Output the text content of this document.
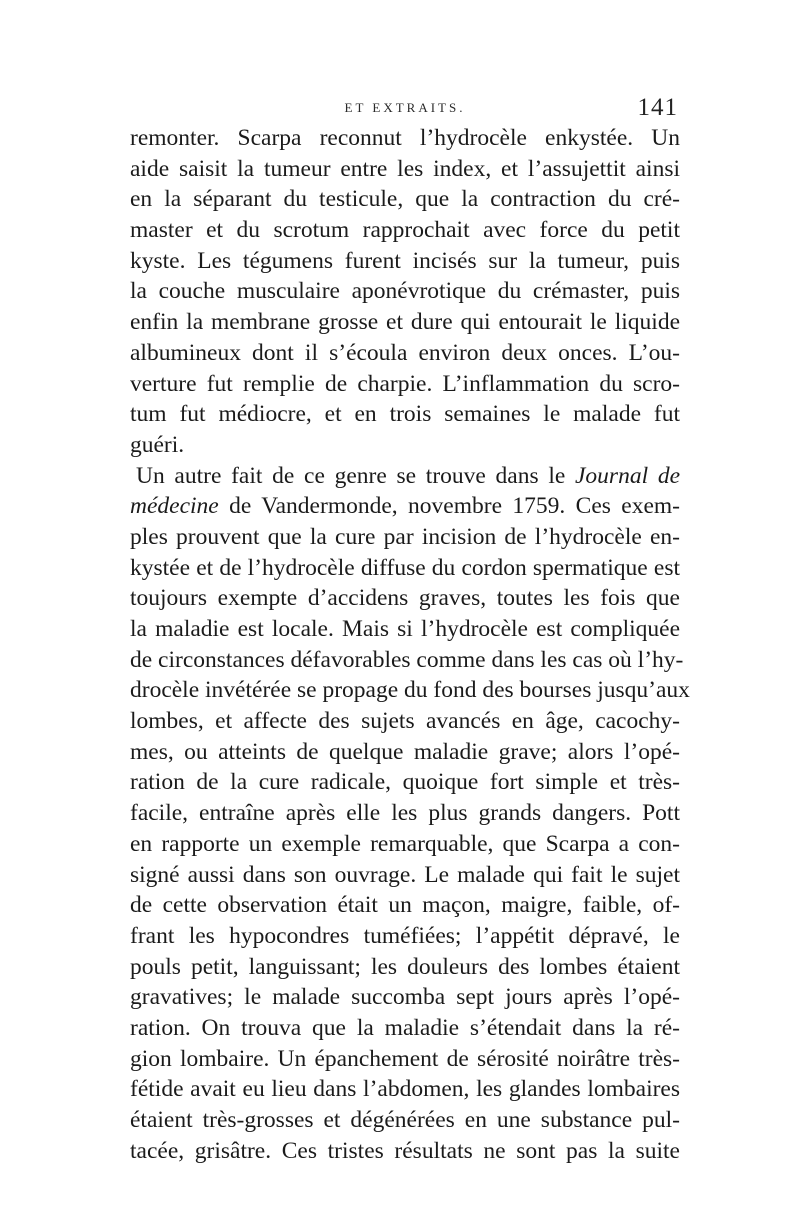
ET EXTRAITS.	141
remonter. Scarpa reconnut l’hydrocèle enkystée. Un
aide saisit la tumeur entre les index, et l’assujettit ainsi
en la séparant du testicule, que la contraction du cré-
master et du scrotum rapprochait avec force du petit
kyste. Les tégumens furent incisés sur la tumeur, puis
la couche musculaire aponévrotique du crémaster, puis
enfin la membrane grosse et dure qui entourait le liquide
albumineux dont il s’écoula environ deux onces. L’ou-
verture fut remplie de charpie. L’inflammation du scro-
tum fut médiocre, et en trois semaines le malade fut
guéri.
Un autre fait de ce genre se trouve dans le Journal de
médecine de Vandermonde, novembre 1759. Ces exem-
ples prouvent que la cure par incision de l’hydrocèle en-
kystée et de l’hydrocèle diffuse du cordon spermatique est
toujours exempte d’accidens graves, toutes les fois que
la maladie est locale. Mais si l’hydrocèle est compliquée
de circonstances défavorables comme dans les cas où l’hy-
drocèle invétérée se propage du fond des bourses jusqu’aux
lombes, et affecte des sujets avancés en âge, cacochy-
mes, ou atteints de quelque maladie grave; alors l’opé-
ration de la cure radicale, quoique fort simple et très-
facile, entraîne après elle les plus grands dangers. Pott
en rapporte un exemple remarquable, que Scarpa a con-
signé aussi dans son ouvrage. Le malade qui fait le sujet
de cette observation était un maçon, maigre, faible, of-
frant les hypocondres tuméfiées; l’appétit dépravé, le
pouls petit, languissant; les douleurs des lombes étaient
gravatives; le malade succomba sept jours après l’opé-
ration. On trouva que la maladie s’étendait dans la ré-
gion lombaire. Un épanchement de sérosité noirâtre très-
fétide avait eu lieu dans l’abdomen, les glandes lombaires
étaient très-grosses et dégénérées en une substance pul-
tacée, grisâtre. Ces tristes résultats ne sont pas la suite
